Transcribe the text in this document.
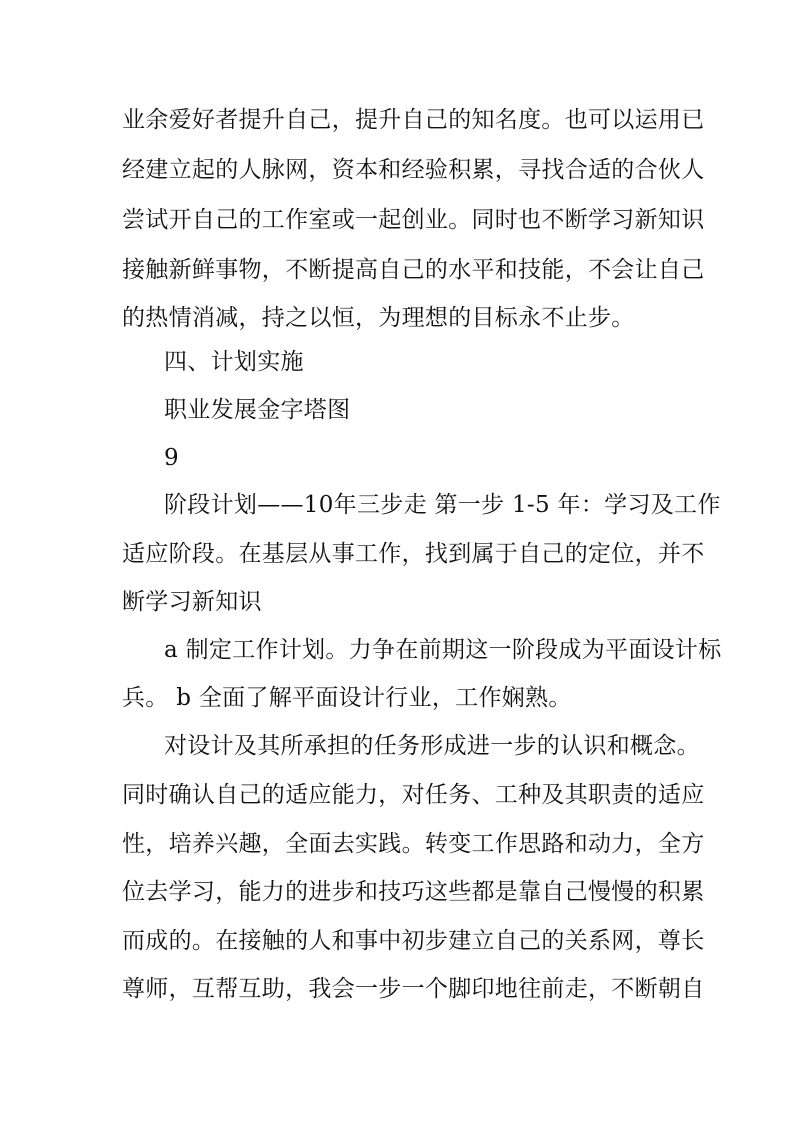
业余爱好者提升自己，提升自己的知名度。也可以运用已
经建立起的人脉网，资本和经验积累，寻找合适的合伙人
尝试开自己的工作室或一起创业。同时也不断学习新知识
接触新鲜事物，不断提高自己的水平和技能，不会让自己
的热情消减，持之以恒，为理想的目标永不止步。
四、计划实施
职业发展金字塔图
9
阶段计划——10年三步走 第一步 1-5 年：学习及工作
适应阶段。在基层从事工作，找到属于自己的定位，并不
断学习新知识
a 制定工作计划。力争在前期这一阶段成为平面设计标
兵。 b 全面了解平面设计行业，工作娴熟。
对设计及其所承担的任务形成进一步的认识和概念。
同时确认自己的适应能力，对任务、工种及其职责的适应
性，培养兴趣，全面去实践。转变工作思路和动力，全方
位去学习，能力的进步和技巧这些都是靠自己慢慢的积累
而成的。在接触的人和事中初步建立自己的关系网，尊长
尊师，互帮互助，我会一步一个脚印地往前走，不断朝自
